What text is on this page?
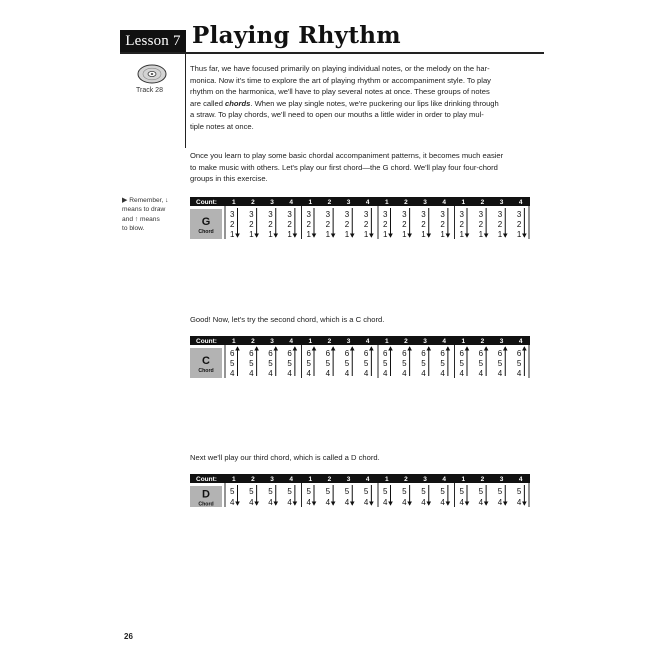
Lesson 7 Playing Rhythm
Track 28

Thus far, we have focused primarily on playing individual notes, or the melody on the har-
monica. Now it's time to explore the art of playing rhythm or accompaniment style. To play
rhythm on the harmonica, we'll have to play several notes at once. These groups of notes
are called chords. When we play single notes, we're puckering our lips like drinking through
a straw. To play chords, we'll need to open our mouths a little wider in order to play mul-
tiple notes at once.

Once you learn to play some basic chordal accompaniment patterns, it becomes much easier
to make music with others. Let's play our first chord—the G chord. We'll play four four-chord
groups in this exercise.

▶ Remember, ↓
means to draw
and ↑ means
to blow.
Count:
G
Chord
1
3
2
1
2
3
2
1
3
3
2
1
4
3
2
1
1
3
2
1
2
3
2
1
3
3
2
1
4
3
2
1
1
3
2
1
2
3
2
1
3
3
2
1
4
3
2
1
1
3
2
1
2
3
2
1
3
3
2
1
4
3
2
1
Good! Now, let's try the second chord, which is a C chord.
Count:
C
Chord
1
6
5
4
2
6
5
4
3
6
5
4
4
6
5
4
1
6
5
4
2
6
5
4
3
6
5
4
4
6
5
4
1
6
5
4
2
6
5
4
3
6
5
4
4
6
5
4
1
6
5
4
2
6
5
4
3
6
5
4
4
6
5
4
Next we'll play our third chord, which is called a D chord.
Count:
D
Chord
1
5
4
2
5
4
3
5
4
4
5
4
1
5
4
2
5
4
3
5
4
4
5
4
1
5
4
2
5
4
3
5
4
4
5
4
1
5
4
2
5
4
3
5
4
4
5
4
26
